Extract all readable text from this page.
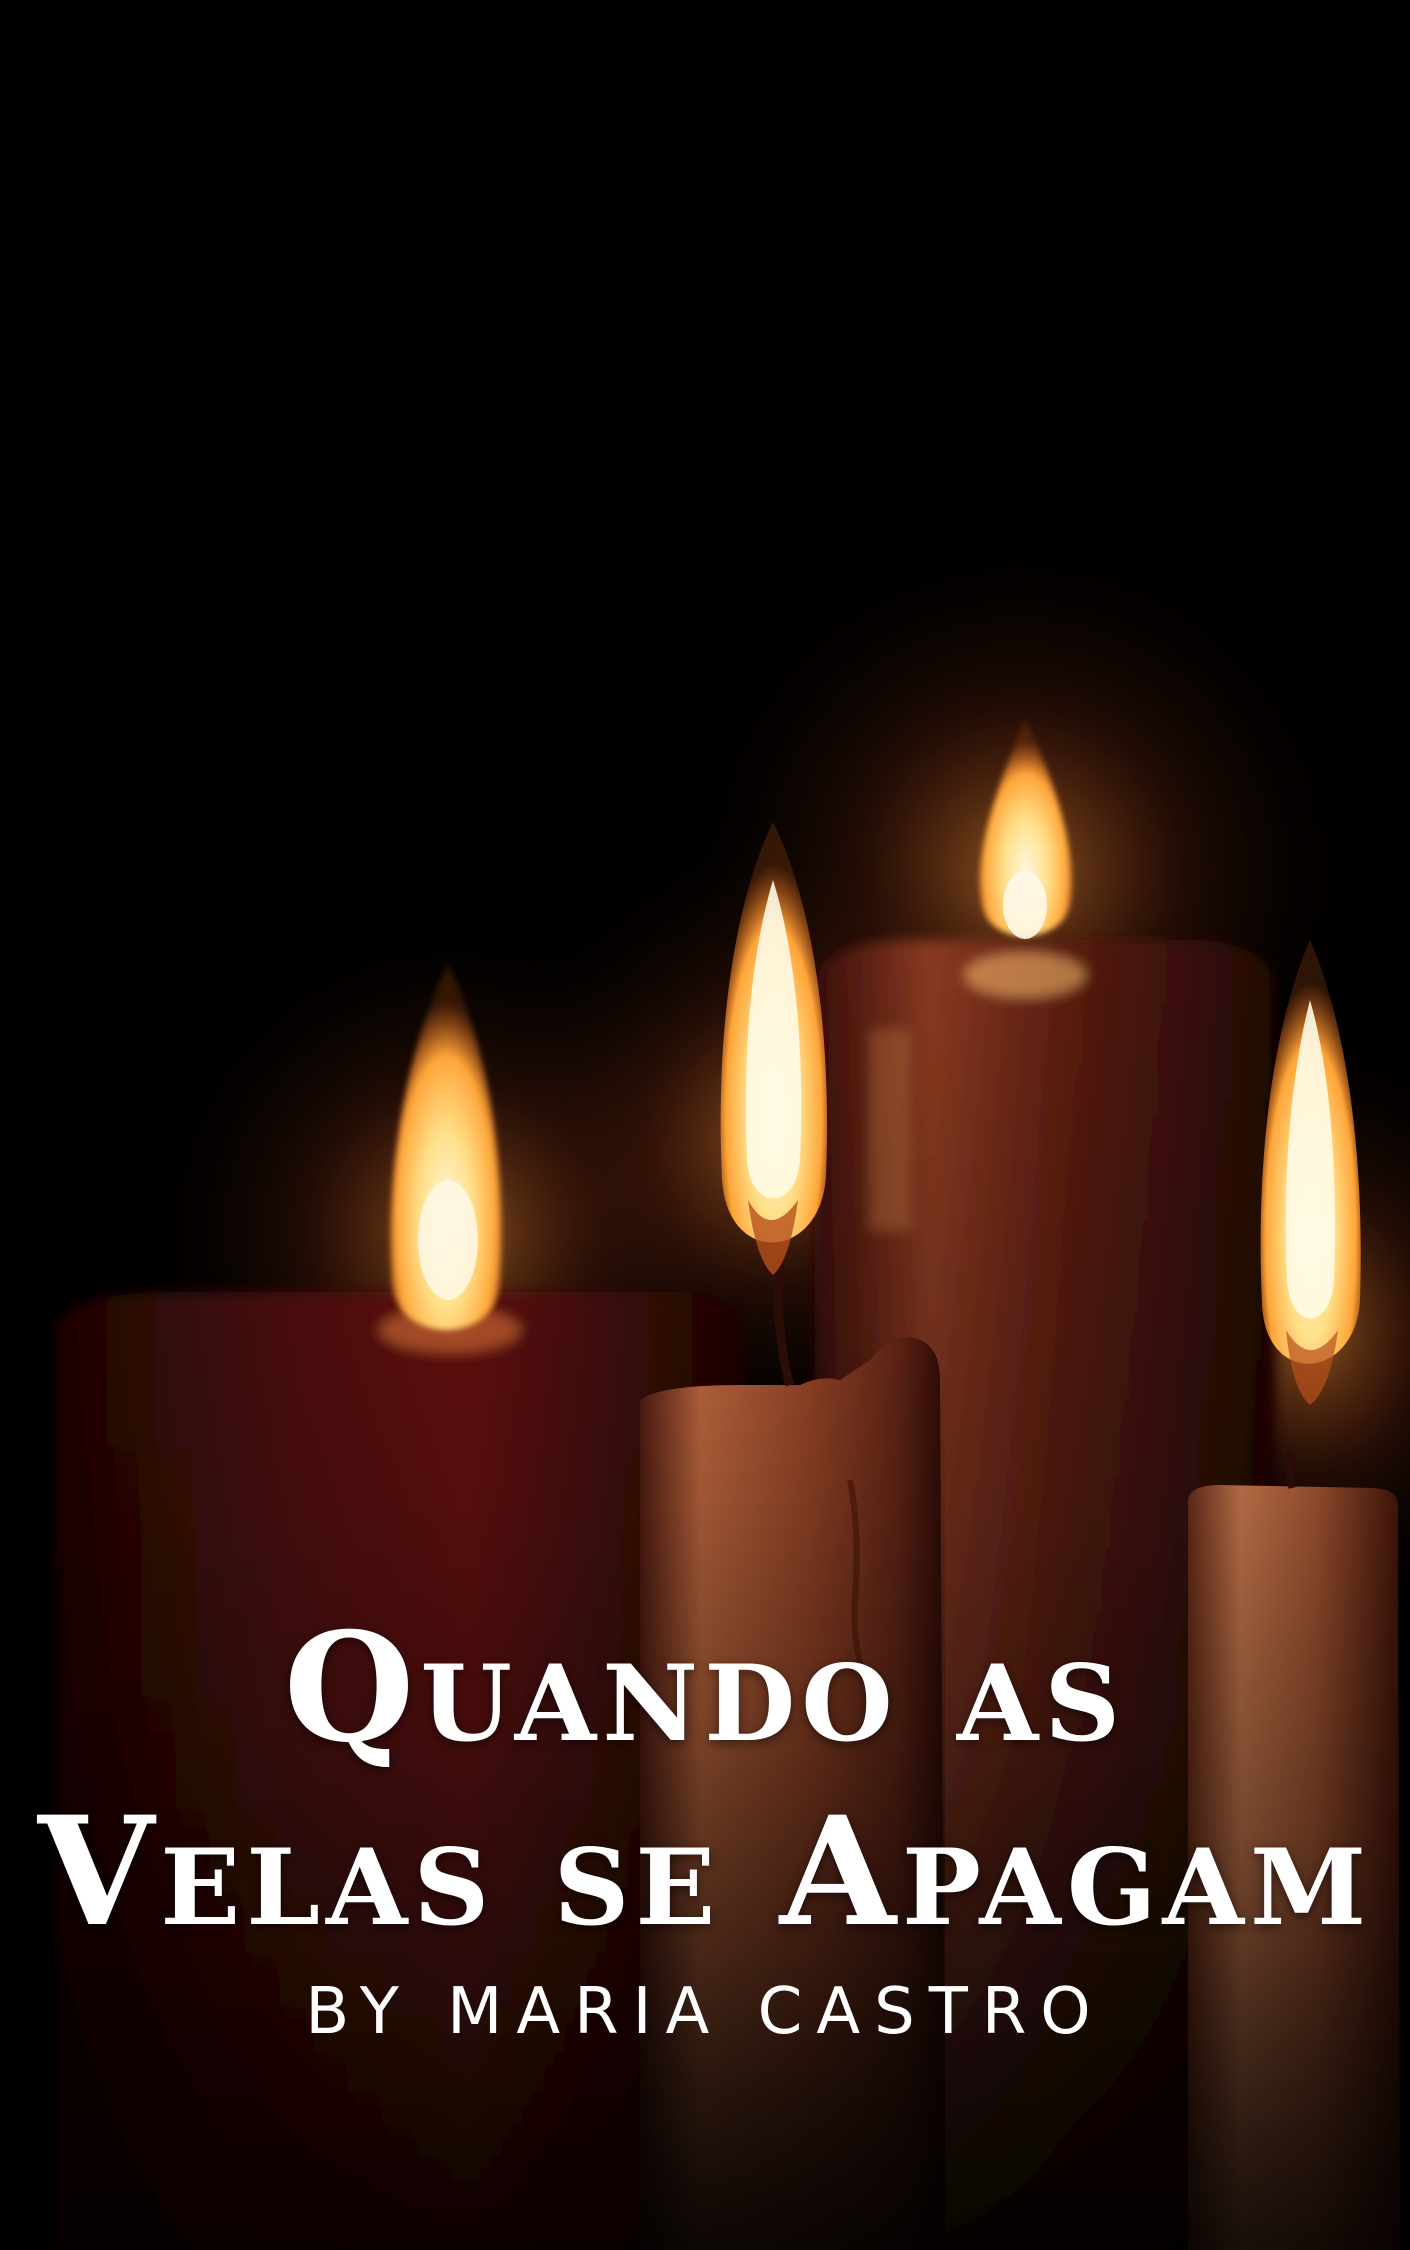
Quando as
Velas se Apagam
BY MARIA CASTRO
